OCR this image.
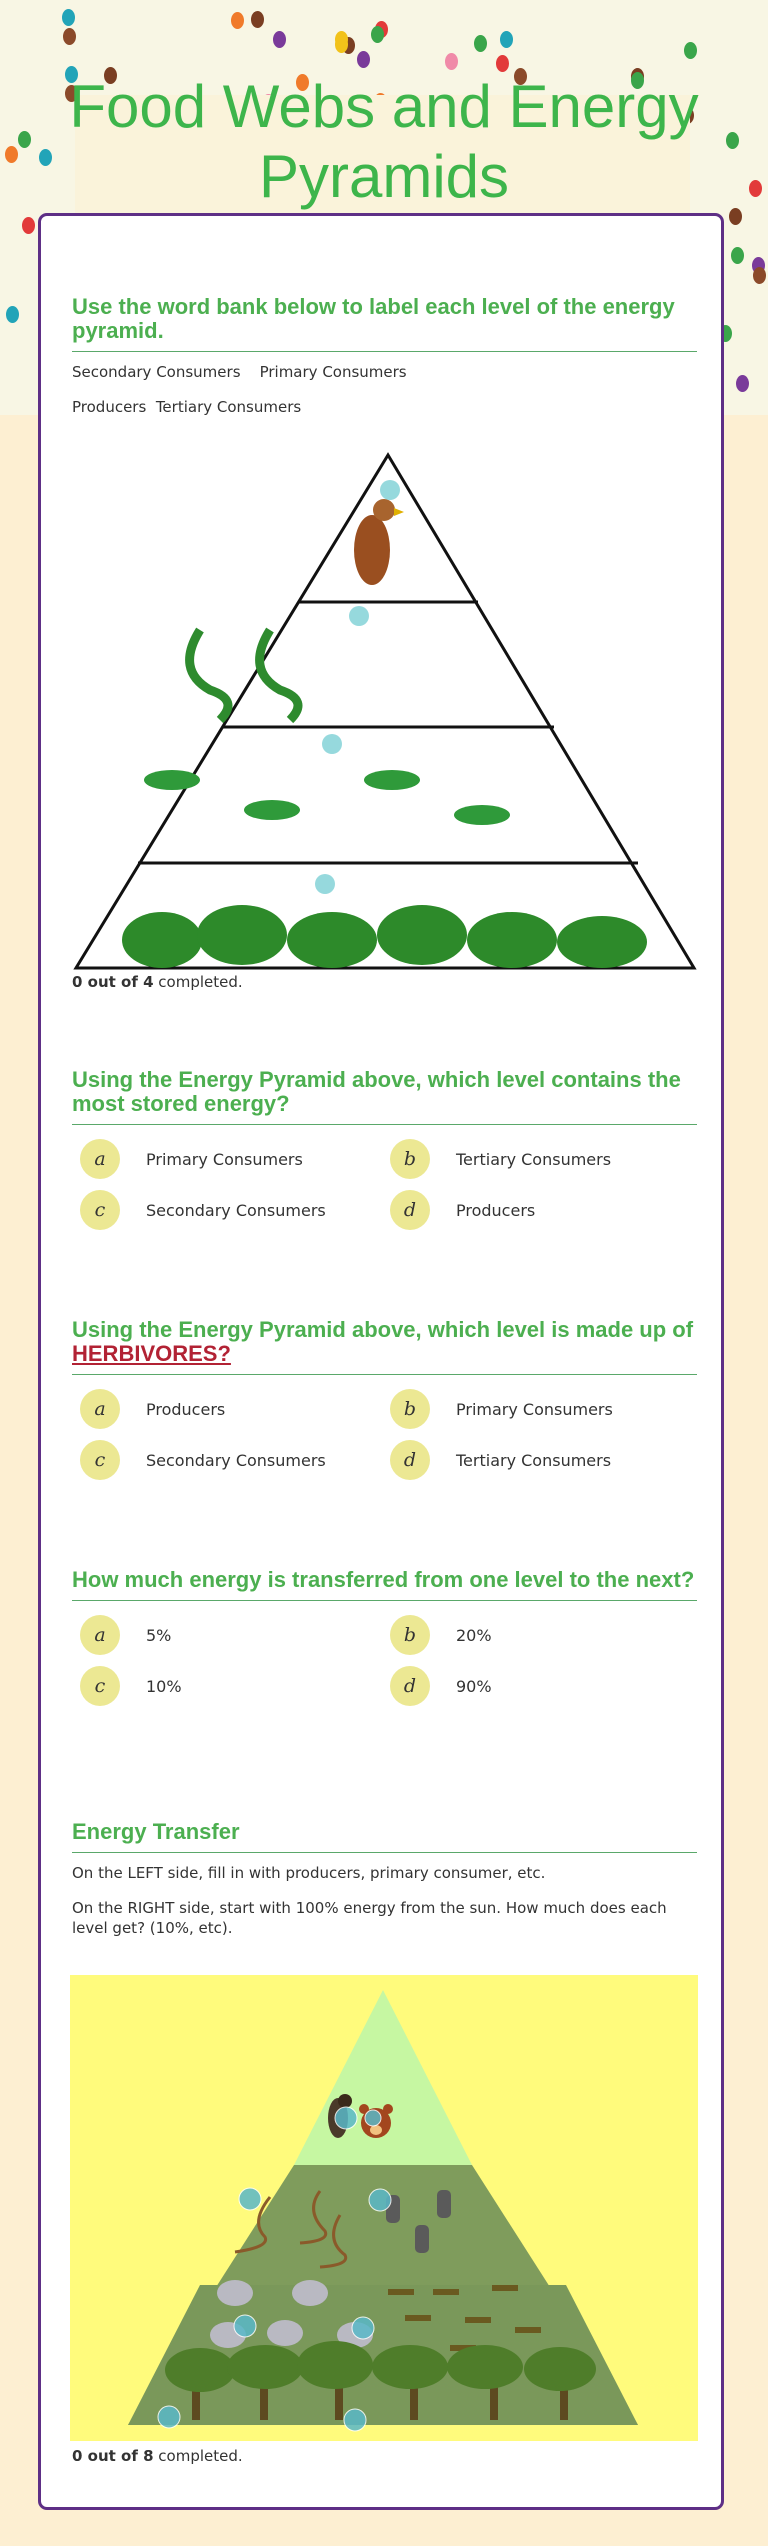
Food Webs and Energy Pyramids
Use the word bank below to label each level of the energy pyramid.
Secondary Consumers    Primary Consumers
Producers  Tertiary Consumers
0 out of 4 completed.
Using the Energy Pyramid above, which level contains the most stored energy?
a	Primary Consumers	b	Tertiary Consumers
c	Secondary Consumers	d	Producers
Using the Energy Pyramid above, which level is made up of HERBIVORES?
a	Producers	b	Primary Consumers
c	Secondary Consumers	d	Tertiary Consumers
How much energy is transferred from one level to the next?
a	5%	b	20%
c	10%	d	90%
Energy Transfer
On the LEFT side, fill in with producers, primary consumer, etc.
On the RIGHT side, start with 100% energy from the sun. How much does each level get? (10%, etc).
0 out of 8 completed.
